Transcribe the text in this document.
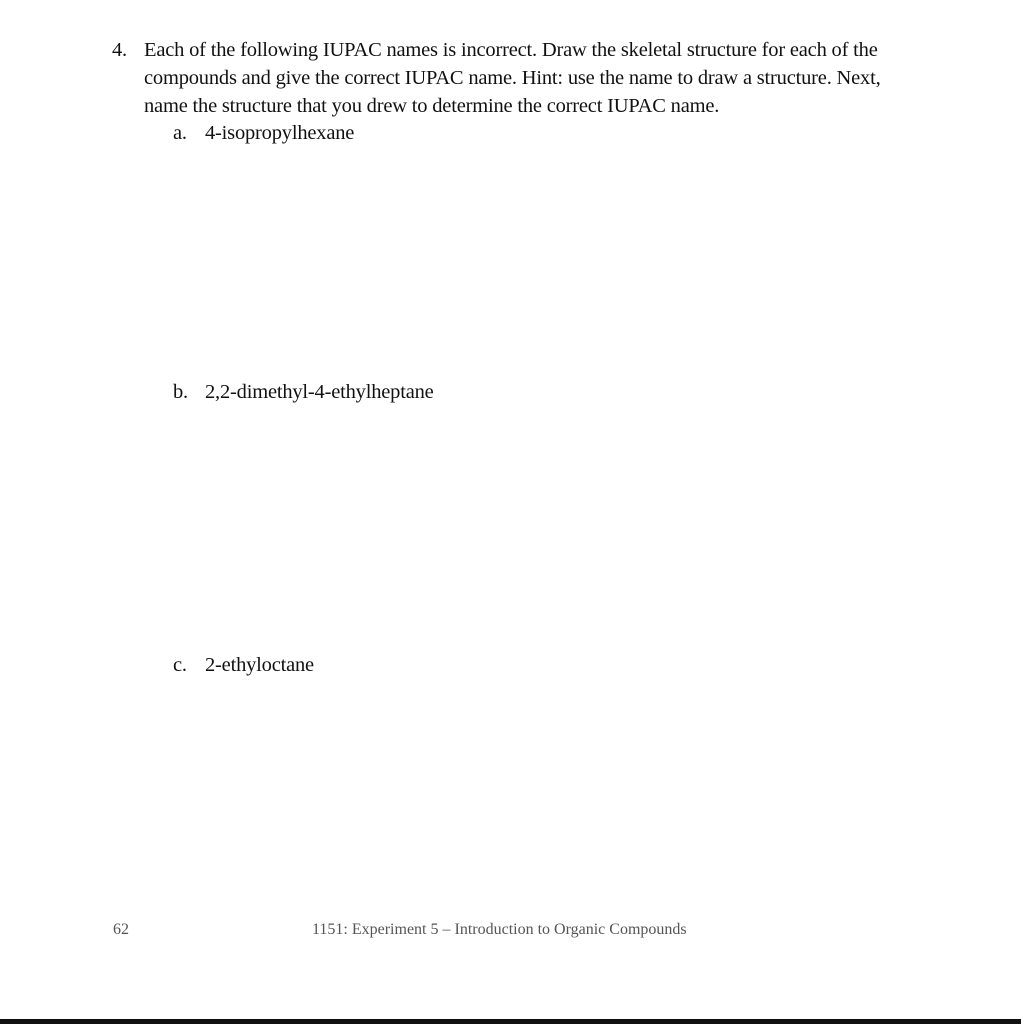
4. Each of the following IUPAC names is incorrect. Draw the skeletal structure for each of the compounds and give the correct IUPAC name. Hint: use the name to draw a structure. Next, name the structure that you drew to determine the correct IUPAC name.
a. 4-isopropylhexane
b. 2,2-dimethyl-4-ethylheptane
c. 2-ethyloctane
62	1151: Experiment 5 – Introduction to Organic Compounds
